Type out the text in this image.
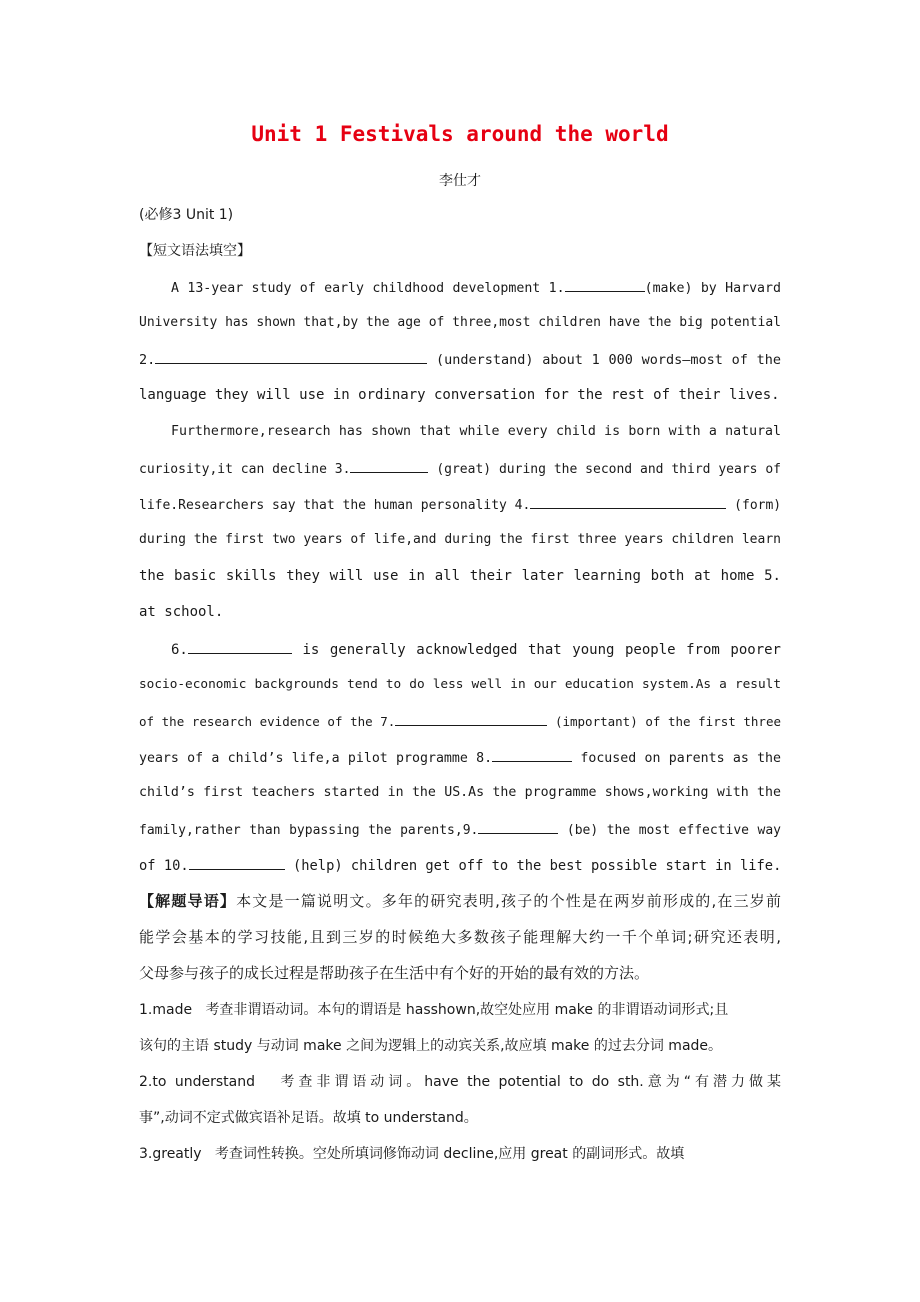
Unit 1 Festivals around the world
李仕才
(必修3 Unit 1)
【短文语法填空】
A 13-year study of early childhood development 1.	(make) by Harvard
University has shown that,by the age of three,most children have the big potential
2.	(understand) about 1 000 words—most of the
language they will use in ordinary conversation for the rest of their lives.
Furthermore,research has shown that while every child is born with a natural
curiosity,it can decline 3.	(great) during the second and third years of
life.Researchers say that the human personality 4.	(form)
during the first two years of life,and during the first three years children learn
the basic skills they will use in all their later learning both at home 5.
at school.
6.	is generally acknowledged that young people from poorer
socio-economic backgrounds tend to do less well in our education system.As a result
of the research evidence of the 7.	(important) of the first three
years of a child’s life,a pilot programme 8.	focused on parents as the
child’s first teachers started in the US.As the programme shows,working with the
family,rather than bypassing the parents,9.	(be) the most effective way
of 10.	(help) children get off to the best possible start in life.
【解题导语】本文是一篇说明文。多年的研究表明,孩子的个性是在两岁前形成的,在三岁前
能学会基本的学习技能,且到三岁的时候绝大多数孩子能理解大约一千个单词;研究还表明,
父母参与孩子的成长过程是帮助孩子在生活中有个好的开始的最有效的方法。
1.made 考查非谓语动词。本句的谓语是 hasshown,故空处应用 make 的非谓语动词形式;且
该句的主语 study 与动词 make 之间为逻辑上的动宾关系,故应填 make 的过去分词 made。
2.to understand 考查非谓语动词。have the potential to do sth.意为“有潜力做某
事”,动词不定式做宾语补足语。故填 to understand。
3.greatly 考查词性转换。空处所填词修饰动词 decline,应用 great 的副词形式。故填
